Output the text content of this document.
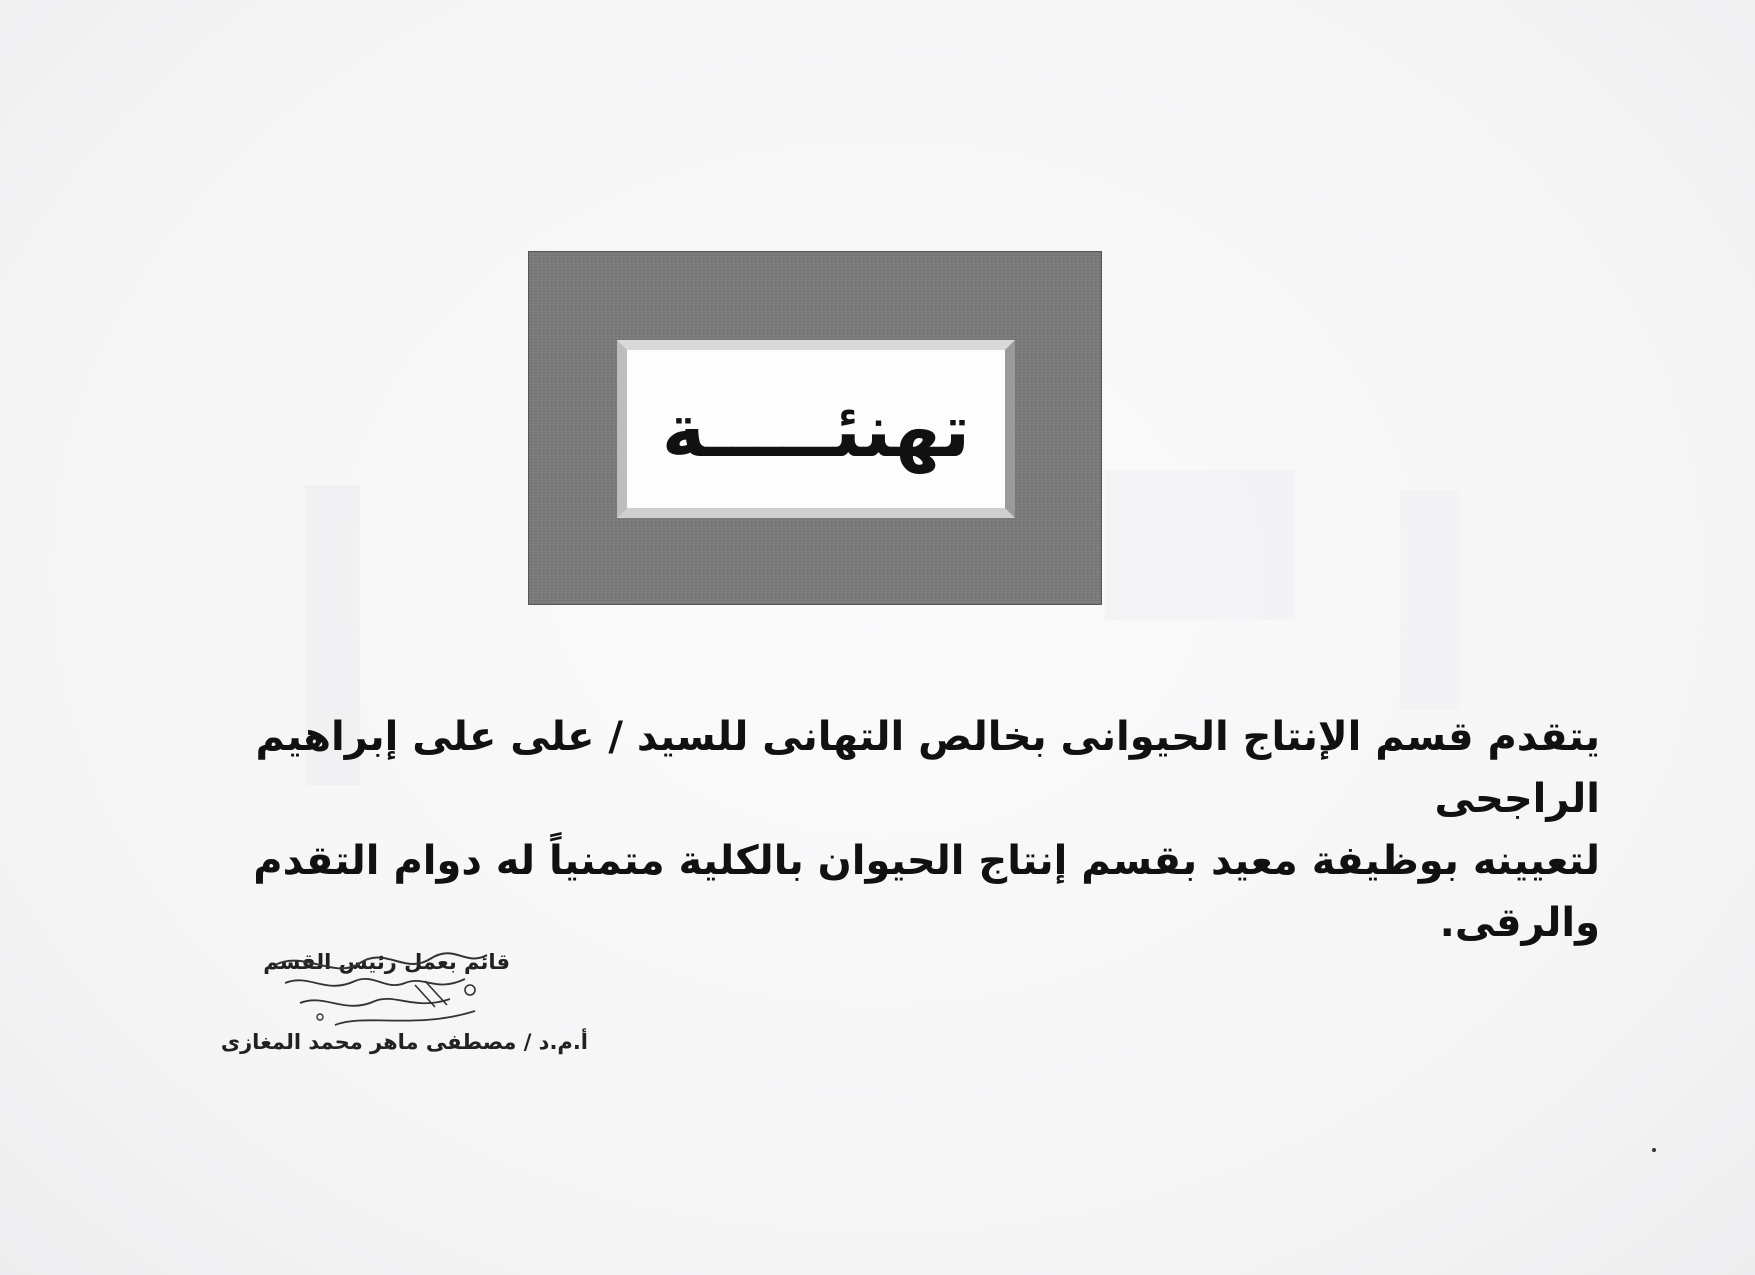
تهنئـــــة

يتقدم قسم الإنتاج الحيوانى بخالص التهانى للسيد / على على إبراهيم الراجحى

لتعيينه بوظيفة معيد بقسم إنتاج الحيوان بالكلية متمنياً له دوام التقدم والرقى.

قائم بعمل رئيس القسم
أ.م.د / مصطفى ماهر محمد المغازى
